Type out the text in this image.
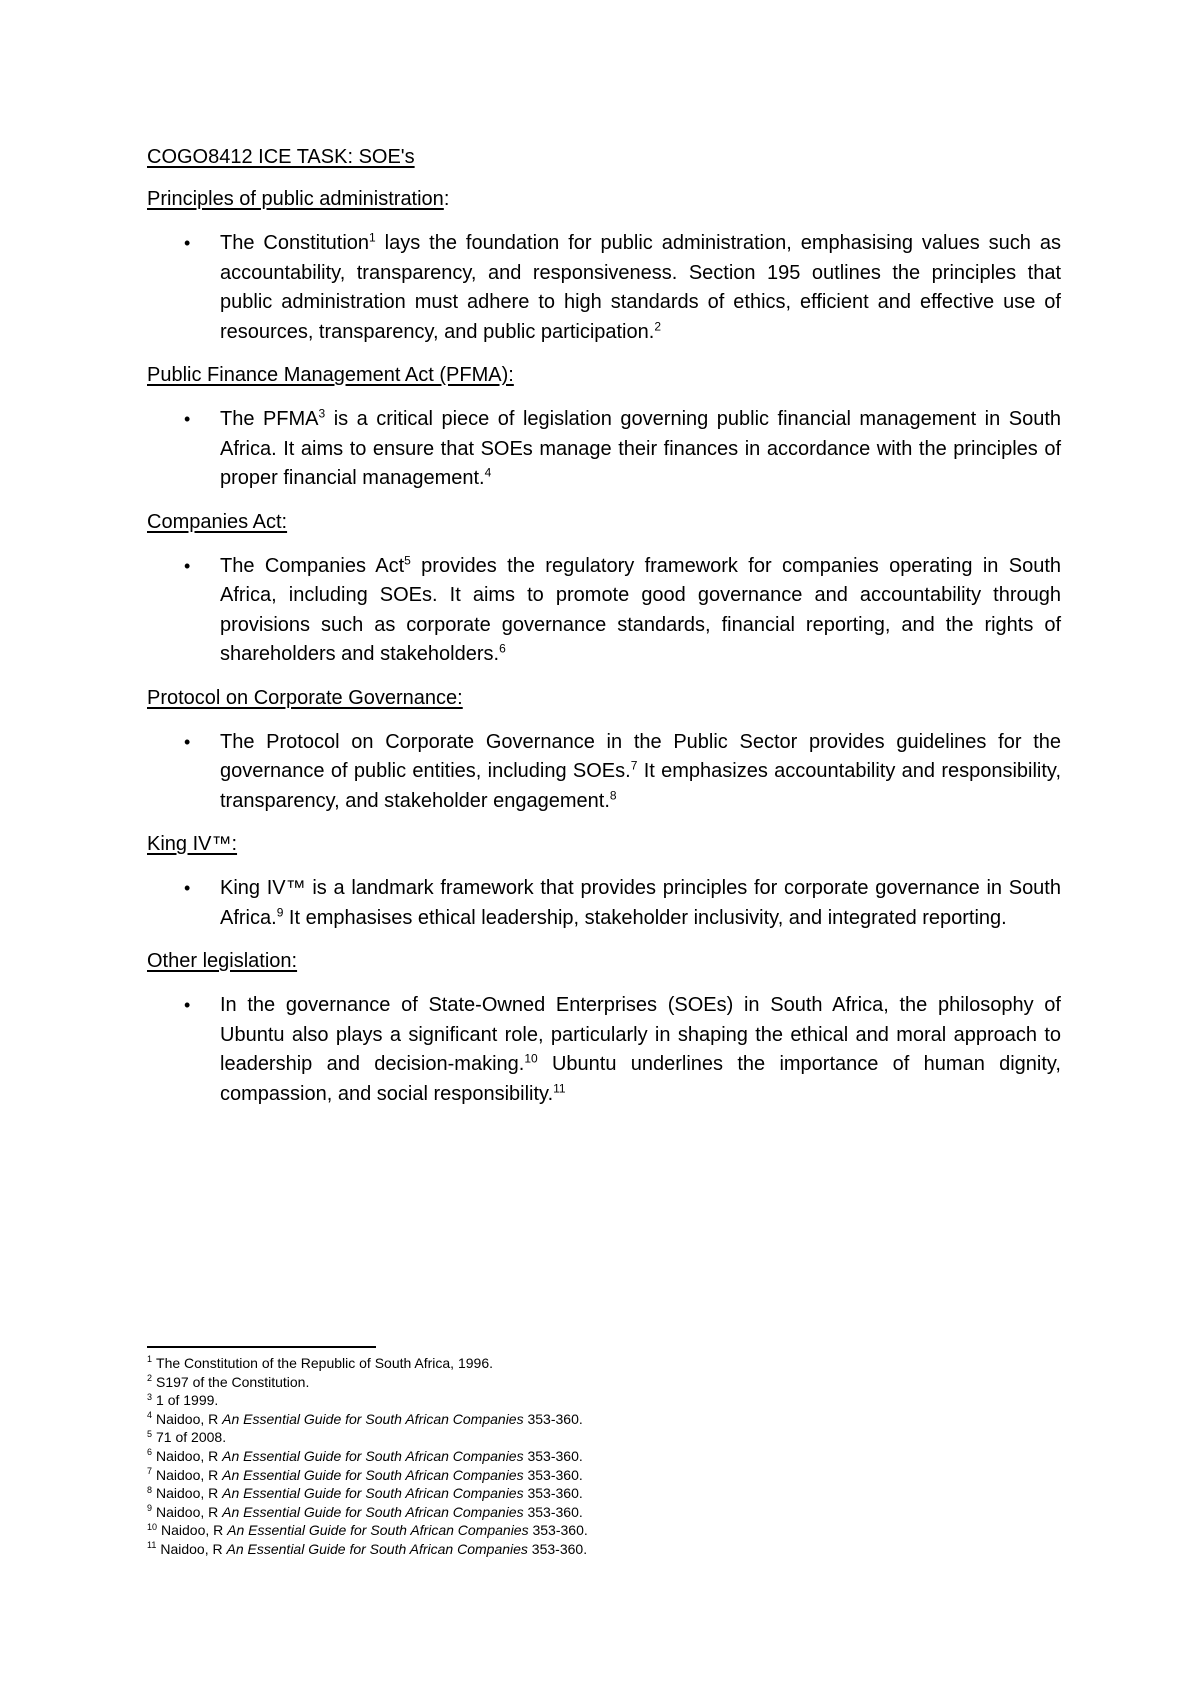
COGO8412 ICE TASK: SOE's

Principles of public administration:

• The Constitution$^1$ lays the foundation for public administration, emphasising values such as accountability, transparency, and responsiveness. Section 195 outlines the principles that public administration must adhere to high standards of ethics, efficient and effective use of resources, transparency, and public participation.$^2$

Public Finance Management Act (PFMA):

• The PFMA$^3$ is a critical piece of legislation governing public financial management in South Africa. It aims to ensure that SOEs manage their finances in accordance with the principles of proper financial management.$^4$

Companies Act:

• The Companies Act$^5$ provides the regulatory framework for companies operating in South Africa, including SOEs. It aims to promote good governance and accountability through provisions such as corporate governance standards, financial reporting, and the rights of shareholders and stakeholders.$^6$

Protocol on Corporate Governance:

• The Protocol on Corporate Governance in the Public Sector provides guidelines for the governance of public entities, including SOEs.$^7$ It emphasizes accountability and responsibility, transparency, and stakeholder engagement.$^8$

King IV™:

• King IV™ is a landmark framework that provides principles for corporate governance in South Africa.$^9$ It emphasises ethical leadership, stakeholder inclusivity, and integrated reporting.

Other legislation:

• In the governance of State-Owned Enterprises (SOEs) in South Africa, the philosophy of Ubuntu also plays a significant role, particularly in shaping the ethical and moral approach to leadership and decision-making.$^{10}$ Ubuntu underlines the importance of human dignity, compassion, and social responsibility.$^{11}$
$^1$ The Constitution of the Republic of South Africa, 1996.
$^2$ S197 of the Constitution.
$^3$ 1 of 1999.
$^4$ Naidoo, R An Essential Guide for South African Companies 353-360.
$^5$ 71 of 2008.
$^6$ Naidoo, R An Essential Guide for South African Companies 353-360.
$^7$ Naidoo, R An Essential Guide for South African Companies 353-360.
$^8$ Naidoo, R An Essential Guide for South African Companies 353-360.
$^9$ Naidoo, R An Essential Guide for South African Companies 353-360.
$^{10}$ Naidoo, R An Essential Guide for South African Companies 353-360.
$^{11}$ Naidoo, R An Essential Guide for South African Companies 353-360.
